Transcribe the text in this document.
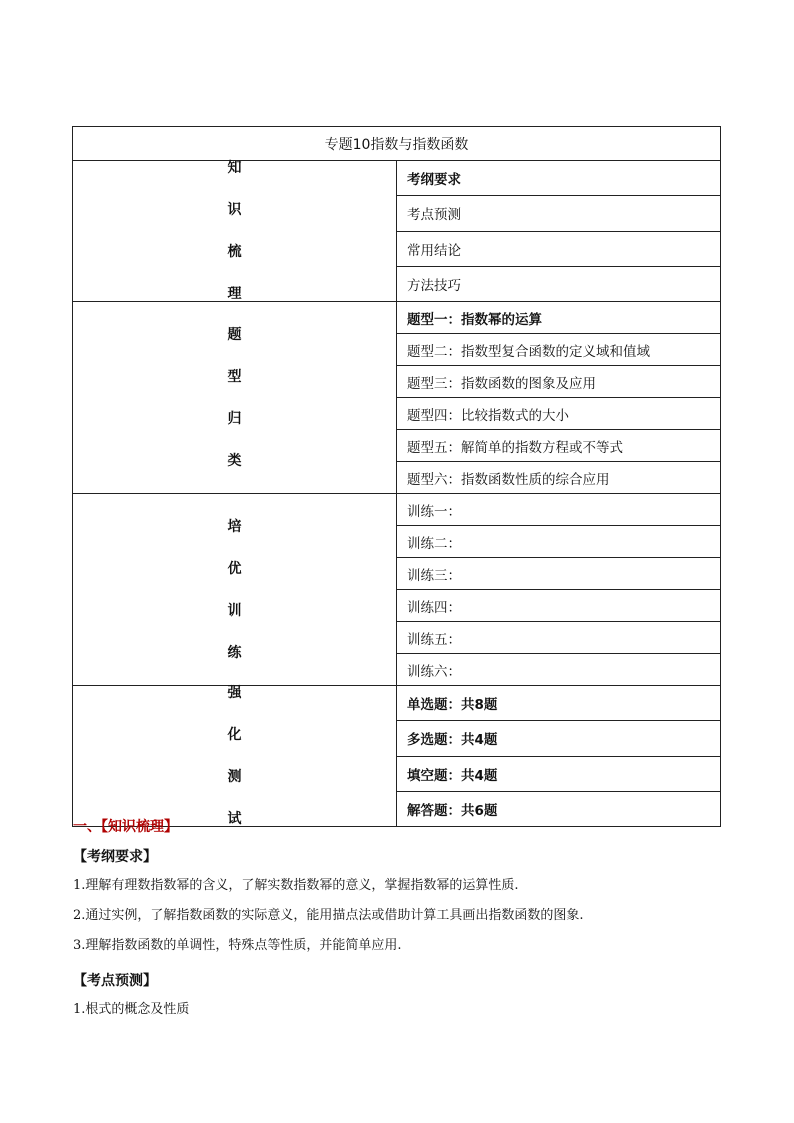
专题10指数与指数函数	

知

识

梳

理	考纲要求
	考点预测
	常用结论
	方法技巧

题

型

归

类	题型一：指数幂的运算
	题型二：指数型复合函数的定义域和值域
	题型三：指数函数的图象及应用
	题型四：比较指数式的大小
	题型五：解简单的指数方程或不等式
	题型六：指数函数性质的综合应用

培

优

训

练	训练一：
	训练二：
	训练三：
	训练四：
	训练五：
	训练六：

强

化

测

试	单选题：共8题
	多选题：共4题
	填空题：共4题
	解答题：共6题
一、【知识梳理】
【考纲要求】
1.理解有理数指数幂的含义，了解实数指数幂的意义，掌握指数幂的运算性质.
2.通过实例，了解指数函数的实际意义，能用描点法或借助计算工具画出指数函数的图象.
3.理解指数函数的单调性，特殊点等性质，并能简单应用.
【考点预测】
1.根式的概念及性质
